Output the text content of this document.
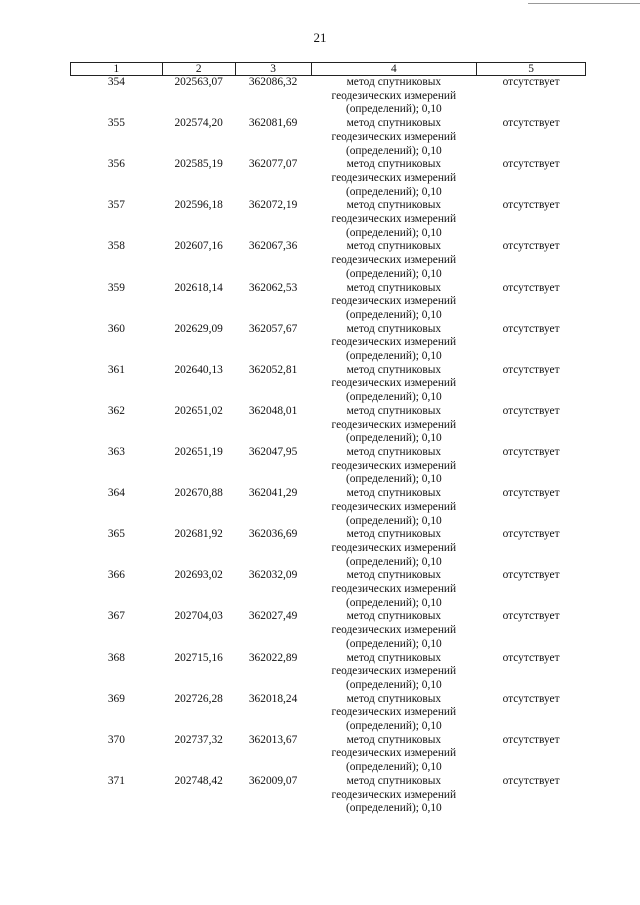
21
1	2	3	4	5
354	202563,07	362086,32	метод спутниковых
геодезических измерений
(определений); 0,10	отсутствует
355	202574,20	362081,69	метод спутниковых
геодезических измерений
(определений); 0,10	отсутствует
356	202585,19	362077,07	метод спутниковых
геодезических измерений
(определений); 0,10	отсутствует
357	202596,18	362072,19	метод спутниковых
геодезических измерений
(определений); 0,10	отсутствует
358	202607,16	362067,36	метод спутниковых
геодезических измерений
(определений); 0,10	отсутствует
359	202618,14	362062,53	метод спутниковых
геодезических измерений
(определений); 0,10	отсутствует
360	202629,09	362057,67	метод спутниковых
геодезических измерений
(определений); 0,10	отсутствует
361	202640,13	362052,81	метод спутниковых
геодезических измерений
(определений); 0,10	отсутствует
362	202651,02	362048,01	метод спутниковых
геодезических измерений
(определений); 0,10	отсутствует
363	202651,19	362047,95	метод спутниковых
геодезических измерений
(определений); 0,10	отсутствует
364	202670,88	362041,29	метод спутниковых
геодезических измерений
(определений); 0,10	отсутствует
365	202681,92	362036,69	метод спутниковых
геодезических измерений
(определений); 0,10	отсутствует
366	202693,02	362032,09	метод спутниковых
геодезических измерений
(определений); 0,10	отсутствует
367	202704,03	362027,49	метод спутниковых
геодезических измерений
(определений); 0,10	отсутствует
368	202715,16	362022,89	метод спутниковых
геодезических измерений
(определений); 0,10	отсутствует
369	202726,28	362018,24	метод спутниковых
геодезических измерений
(определений); 0,10	отсутствует
370	202737,32	362013,67	метод спутниковых
геодезических измерений
(определений); 0,10	отсутствует
371	202748,42	362009,07	метод спутниковых
геодезических измерений
(определений); 0,10	отсутствует
